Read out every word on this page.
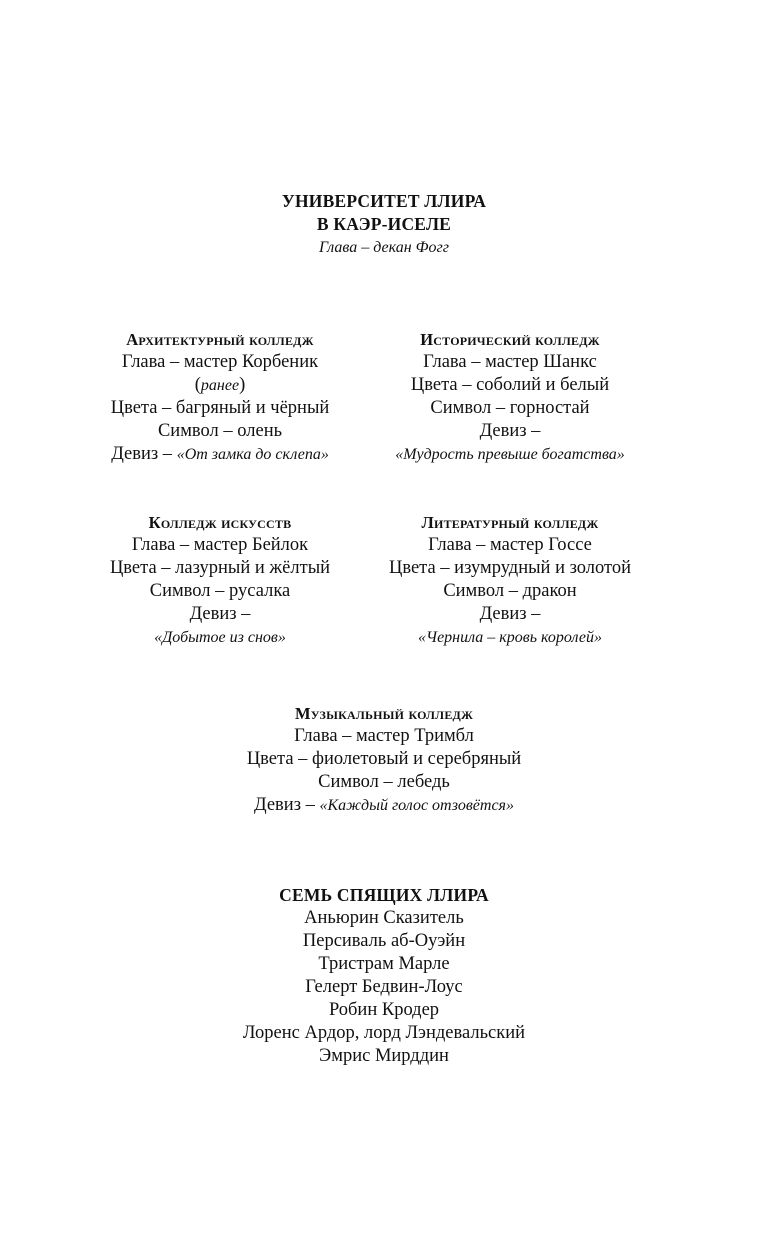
УНИВЕРСИТЕТ ЛЛИРА
В КАЭР-ИСЕЛЕ
Глава – декан Фогг
Архитектурный колледж
Глава – мастер Корбеник
(ранее)
Цвета – багряный и чёрный
Символ – олень
Девиз – «От замка до склепа»
Исторический колледж
Глава – мастер Шанкс
Цвета – соболий и белый
Символ – горностай
Девиз –
«Мудрость превыше богатства»
Колледж искусств
Глава – мастер Бейлок
Цвета – лазурный и жёлтый
Символ – русалка
Девиз –
«Добытое из снов»
Литературный колледж
Глава – мастер Госсе
Цвета – изумрудный и золотой
Символ – дракон
Девиз –
«Чернила – кровь королей»
Музыкальный колледж
Глава – мастер Тримбл
Цвета – фиолетовый и серебряный
Символ – лебедь
Девиз – «Каждый голос отзовётся»
СЕМЬ СПЯЩИХ ЛЛИРА
Аньюрин Сказитель
Персиваль аб-Оуэйн
Тристрам Марле
Гелерт Бедвин-Лоус
Робин Кродер
Лоренс Ардор, лорд Лэндевальский
Эмрис Мирддин
